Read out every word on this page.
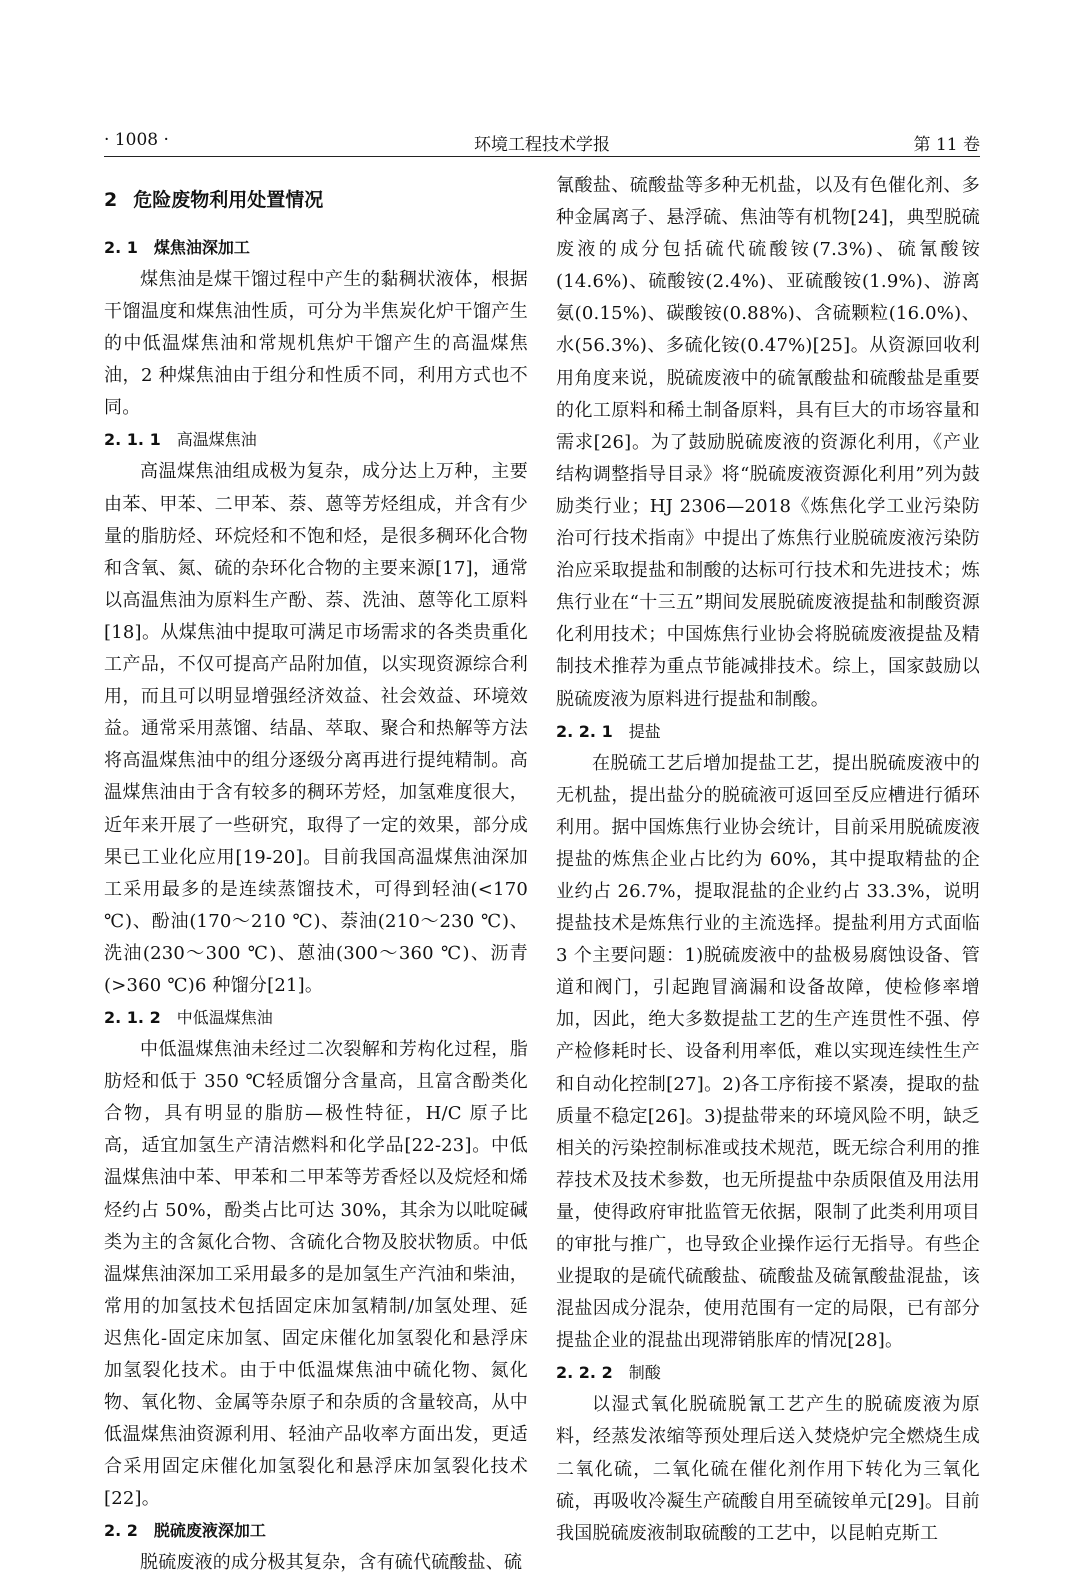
· 1008 ·	环境工程技术学报	第 11 卷
2 危险废物利用处置情况
2. 1 煤焦油深加工

煤焦油是煤干馏过程中产生的黏稠状液体，根据干馏温度和煤焦油性质，可分为半焦炭化炉干馏产生的中低温煤焦油和常规机焦炉干馏产生的高温煤焦油，2 种煤焦油由于组分和性质不同，利用方式也不同。

2. 1. 1 高温煤焦油

高温煤焦油组成极为复杂，成分达上万种，主要由苯、甲苯、二甲苯、萘、蒽等芳烃组成，并含有少量的脂肪烃、环烷烃和不饱和烃，是很多稠环化合物和含氧、氮、硫的杂环化合物的主要来源[17]，通常以高温焦油为原料生产酚、萘、洗油、蒽等化工原料[18]。从煤焦油中提取可满足市场需求的各类贵重化工产品，不仅可提高产品附加值，以实现资源综合利用，而且可以明显增强经济效益、社会效益、环境效益。通常采用蒸馏、结晶、萃取、聚合和热解等方法将高温煤焦油中的组分逐级分离再进行提纯精制。高温煤焦油由于含有较多的稠环芳烃，加氢难度很大，近年来开展了一些研究，取得了一定的效果，部分成果已工业化应用[19-20]。目前我国高温煤焦油深加工采用最多的是连续蒸馏技术，可得到轻油(<170 ℃)、酚油(170～210 ℃)、萘油(210～230 ℃)、洗油(230～300 ℃)、蒽油(300～360 ℃)、沥青(>360 ℃)6 种馏分[21]。

2. 1. 2 中低温煤焦油

中低温煤焦油未经过二次裂解和芳构化过程，脂肪烃和低于 350 ℃轻质馏分含量高，且富含酚类化合物，具有明显的脂肪—极性特征，H/C 原子比高，适宜加氢生产清洁燃料和化学品[22-23]。中低温煤焦油中苯、甲苯和二甲苯等芳香烃以及烷烃和烯烃约占 50%，酚类占比可达 30%，其余为以吡啶碱类为主的含氮化合物、含硫化合物及胶状物质。中低温煤焦油深加工采用最多的是加氢生产汽油和柴油，常用的加氢技术包括固定床加氢精制/加氢处理、延迟焦化-固定床加氢、固定床催化加氢裂化和悬浮床加氢裂化技术。由于中低温煤焦油中硫化物、氮化物、氧化物、金属等杂原子和杂质的含量较高，从中低温煤焦油资源利用、轻油产品收率方面出发，更适合采用固定床催化加氢裂化和悬浮床加氢裂化技术[22]。

2. 2 脱硫废液深加工

脱硫废液的成分极其复杂，含有硫代硫酸盐、硫

氰酸盐、硫酸盐等多种无机盐，以及有色催化剂、多种金属离子、悬浮硫、焦油等有机物[24]，典型脱硫废液的成分包括硫代硫酸铵(7.3%)、硫氰酸铵(14.6%)、硫酸铵(2.4%)、亚硫酸铵(1.9%)、游离氨(0.15%)、碳酸铵(0.88%)、含硫颗粒(16.0%)、水(56.3%)、多硫化铵(0.47%)[25]。从资源回收利用角度来说，脱硫废液中的硫氰酸盐和硫酸盐是重要的化工原料和稀土制备原料，具有巨大的市场容量和需求[26]。为了鼓励脱硫废液的资源化利用，《产业结构调整指导目录》将“脱硫废液资源化利用”列为鼓励类行业；HJ 2306—2018《炼焦化学工业污染防治可行技术指南》中提出了炼焦行业脱硫废液污染防治应采取提盐和制酸的达标可行技术和先进技术；炼焦行业在“十三五”期间发展脱硫废液提盐和制酸资源化利用技术；中国炼焦行业协会将脱硫废液提盐及精制技术推荐为重点节能减排技术。综上，国家鼓励以脱硫废液为原料进行提盐和制酸。

2. 2. 1 提盐

在脱硫工艺后增加提盐工艺，提出脱硫废液中的无机盐，提出盐分的脱硫液可返回至反应槽进行循环利用。据中国炼焦行业协会统计，目前采用脱硫废液提盐的炼焦企业占比约为 60%，其中提取精盐的企业约占 26.7%，提取混盐的企业约占 33.3%，说明提盐技术是炼焦行业的主流选择。提盐利用方式面临 3 个主要问题：1)脱硫废液中的盐极易腐蚀设备、管道和阀门，引起跑冒滴漏和设备故障，使检修率增加，因此，绝大多数提盐工艺的生产连贯性不强、停产检修耗时长、设备利用率低，难以实现连续性生产和自动化控制[27]。2)各工序衔接不紧凑，提取的盐质量不稳定[26]。3)提盐带来的环境风险不明，缺乏相关的污染控制标准或技术规范，既无综合利用的推荐技术及技术参数，也无所提盐中杂质限值及用法用量，使得政府审批监管无依据，限制了此类利用项目的审批与推广，也导致企业操作运行无指导。有些企业提取的是硫代硫酸盐、硫酸盐及硫氰酸盐混盐，该混盐因成分混杂，使用范围有一定的局限，已有部分提盐企业的混盐出现滞销胀库的情况[28]。

2. 2. 2 制酸

以湿式氧化脱硫脱氰工艺产生的脱硫废液为原料，经蒸发浓缩等预处理后送入焚烧炉完全燃烧生成二氧化硫，二氧化硫在催化剂作用下转化为三氧化硫，再吸收冷凝生产硫酸自用至硫铵单元[29]。目前我国脱硫废液制取硫酸的工艺中，以昆帕克斯工
